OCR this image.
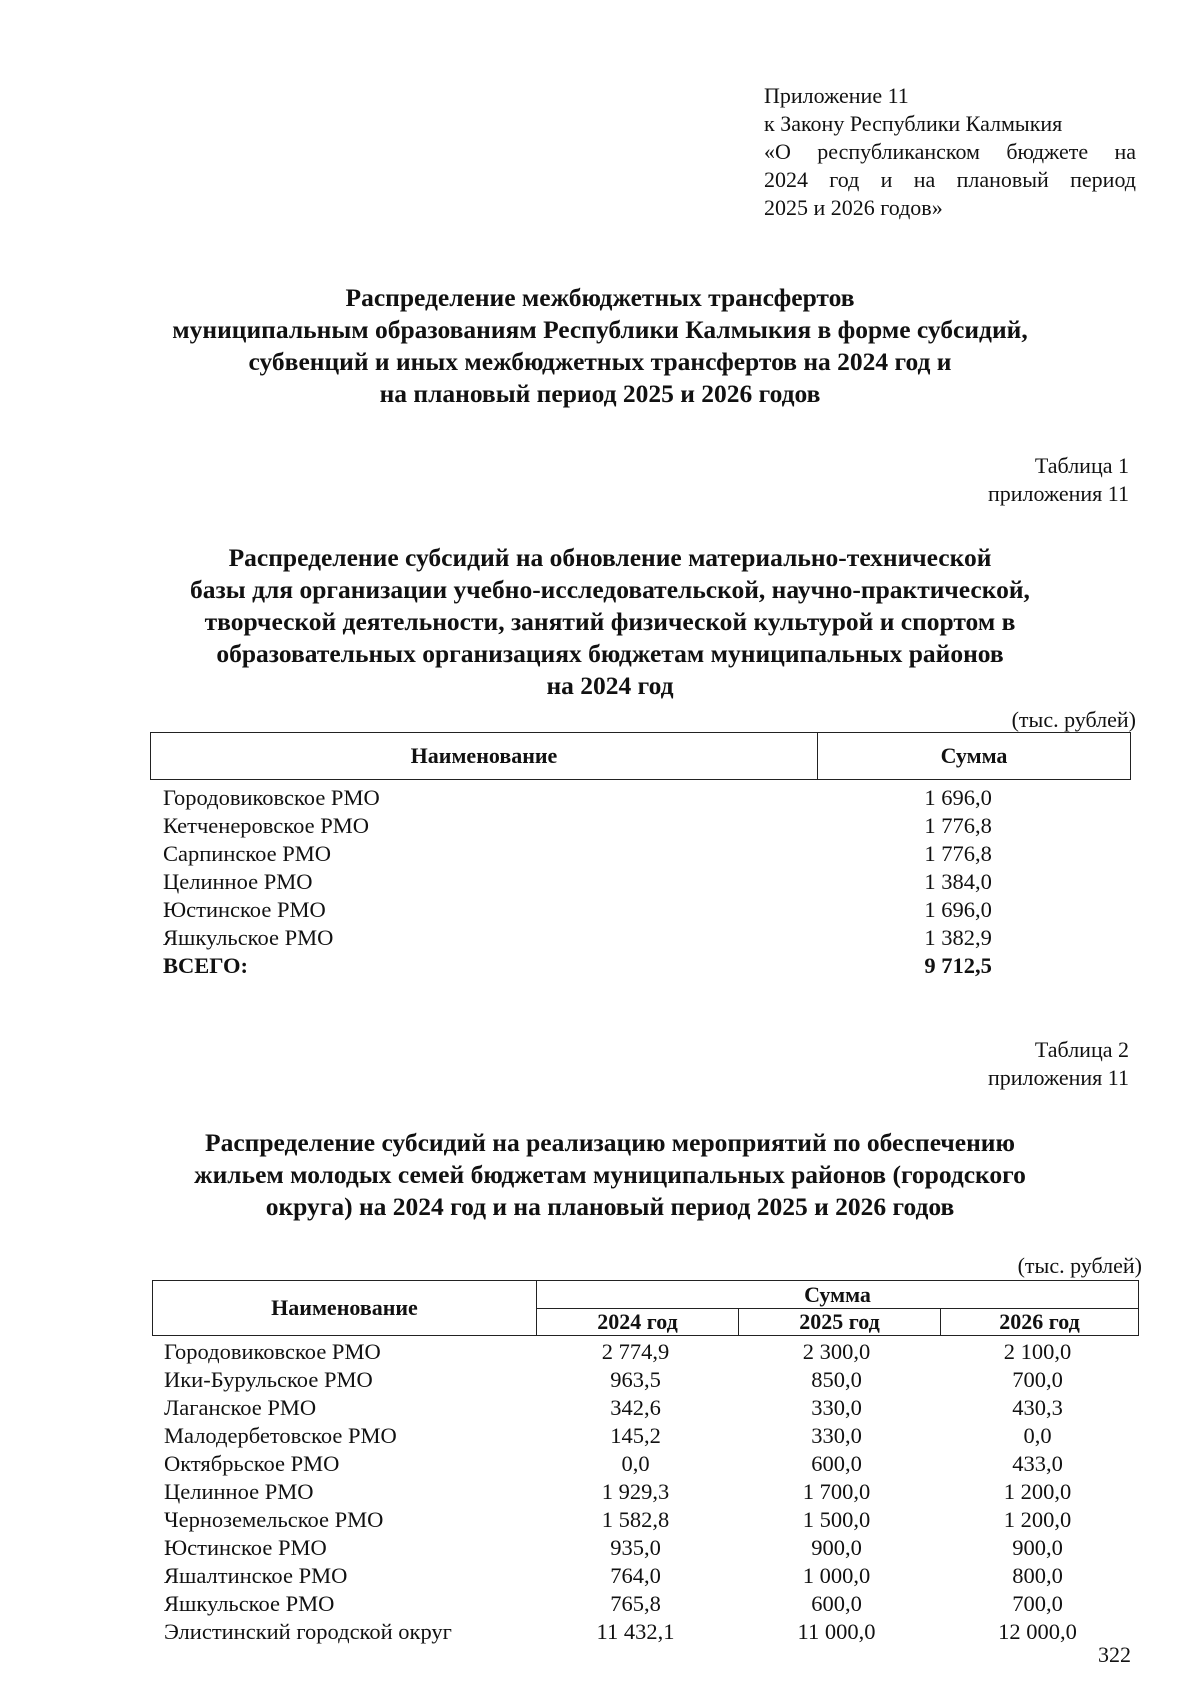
Приложение 11
к Закону Республики Калмыкия
«О республиканском бюджете на
2024 год и на плановый период
2025 и 2026 годов»
Распределение межбюджетных трансфертов
муниципальным образованиям Республики Калмыкия в форме субсидий,
субвенций и иных межбюджетных трансфертов на 2024 год и
на плановый период 2025 и 2026 годов
Таблица 1
приложения 11
Распределение субсидий на обновление материально-технической
базы для организации учебно-исследовательской, научно-практической,
творческой деятельности, занятий физической культурой и спортом в
образовательных организациях бюджетам муниципальных районов
на 2024 год
(тыс. рублей)
Наименование	Сумма
Городовиковское РМО	1 696,0
Кетченеровское РМО	1 776,8
Сарпинское РМО	1 776,8
Целинное РМО	1 384,0
Юстинское РМО	1 696,0
Яшкульское РМО	1 382,9
ВСЕГО:	9 712,5
Таблица 2
приложения 11
Распределение субсидий на реализацию мероприятий по обеспечению
жильем молодых семей бюджетам муниципальных районов (городского
округа) на 2024 год и на плановый период 2025 и 2026 годов
(тыс. рублей)
Наименование
Сумма
2024 год	2025 год	2026 год
Городовиковское РМО	2 774,9	2 300,0	2 100,0
Ики-Бурульское РМО	963,5	850,0	700,0
Лаганское РМО	342,6	330,0	430,3
Малодербетовское РМО	145,2	330,0	0,0
Октябрьское РМО	0,0	600,0	433,0
Целинное РМО	1 929,3	1 700,0	1 200,0
Черноземельское РМО	1 582,8	1 500,0	1 200,0
Юстинское РМО	935,0	900,0	900,0
Яшалтинское РМО	764,0	1 000,0	800,0
Яшкульское РМО	765,8	600,0	700,0
Элистинский городской округ	11 432,1	11 000,0	12 000,0
322
